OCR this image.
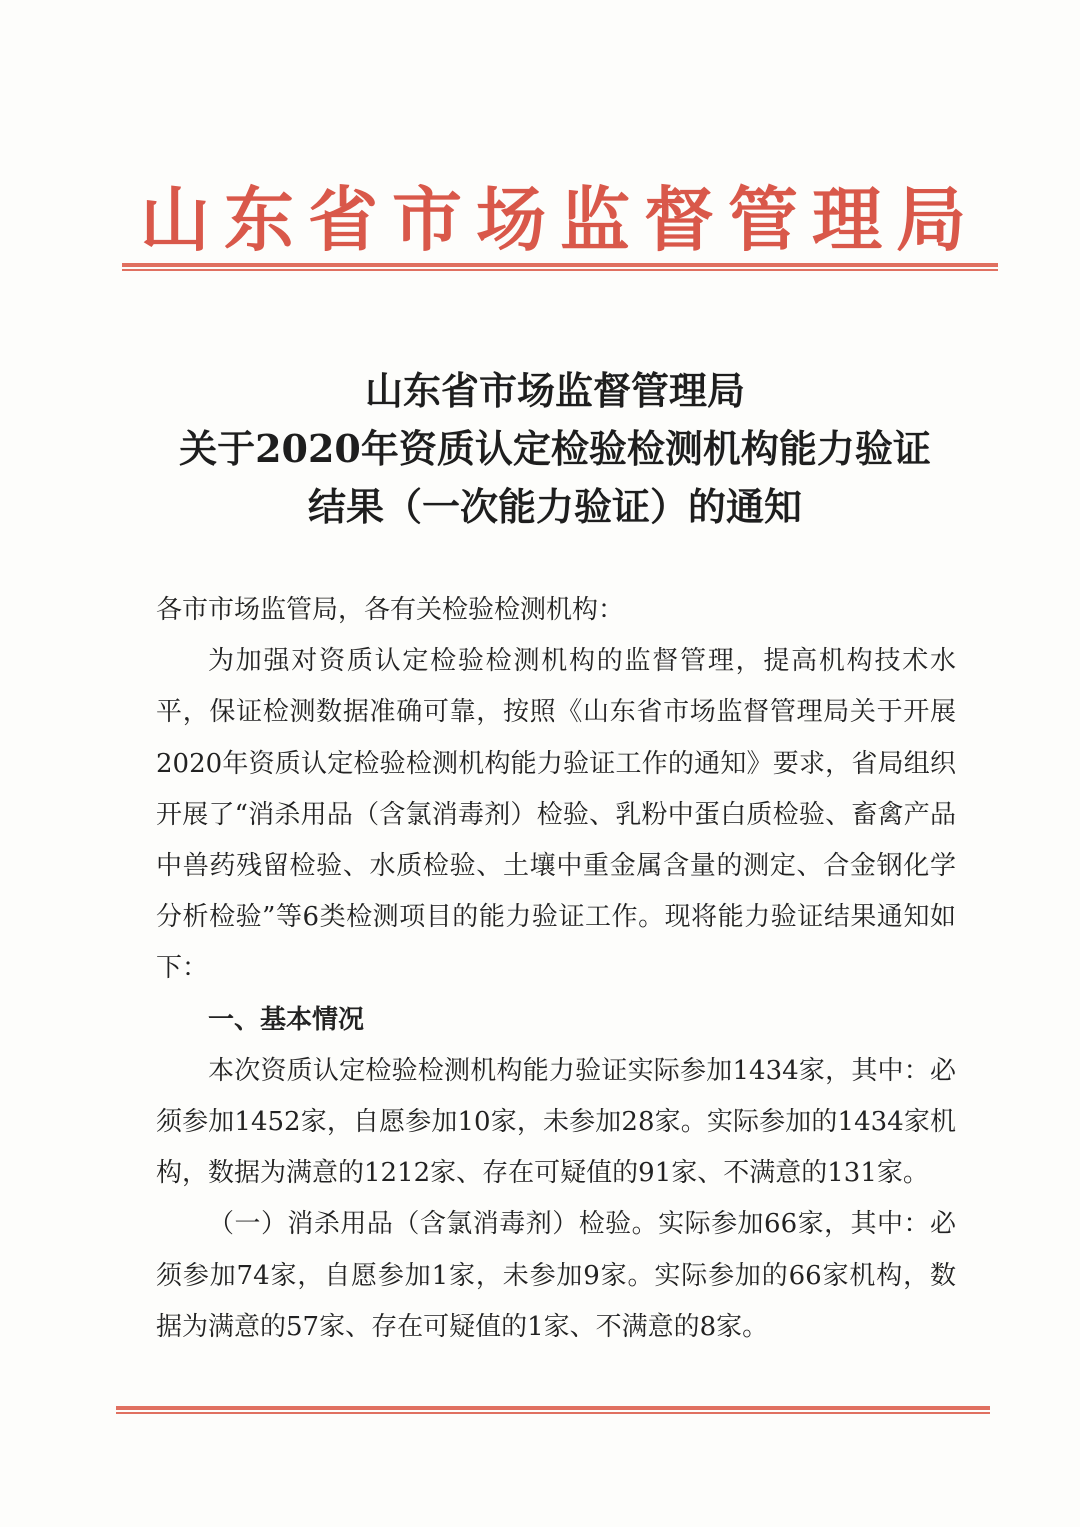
山东省市场监督管理局
山东省市场监督管理局
关于2020年资质认定检验检测机构能力验证
结果（一次能力验证）的通知

各市市场监管局，各有关检验检测机构：

为加强对资质认定检验检测机构的监督管理，提高机构技术水平，保证检测数据准确可靠，按照《山东省市场监督管理局关于开展2020年资质认定检验检测机构能力验证工作的通知》要求，省局组织开展了“消杀用品（含氯消毒剂）检验、乳粉中蛋白质检验、畜禽产品中兽药残留检验、水质检验、土壤中重金属含量的测定、合金钢化学分析检验”等6类检测项目的能力验证工作。现将能力验证结果通知如下：

一、基本情况

本次资质认定检验检测机构能力验证实际参加1434家，其中：必须参加1452家，自愿参加10家，未参加28家。实际参加的1434家机构，数据为满意的1212家、存在可疑值的91家、不满意的131家。

（一）消杀用品（含氯消毒剂）检验。实际参加66家，其中：必须参加74家，自愿参加1家，未参加9家。实际参加的66家机构，数据为满意的57家、存在可疑值的1家、不满意的8家。
